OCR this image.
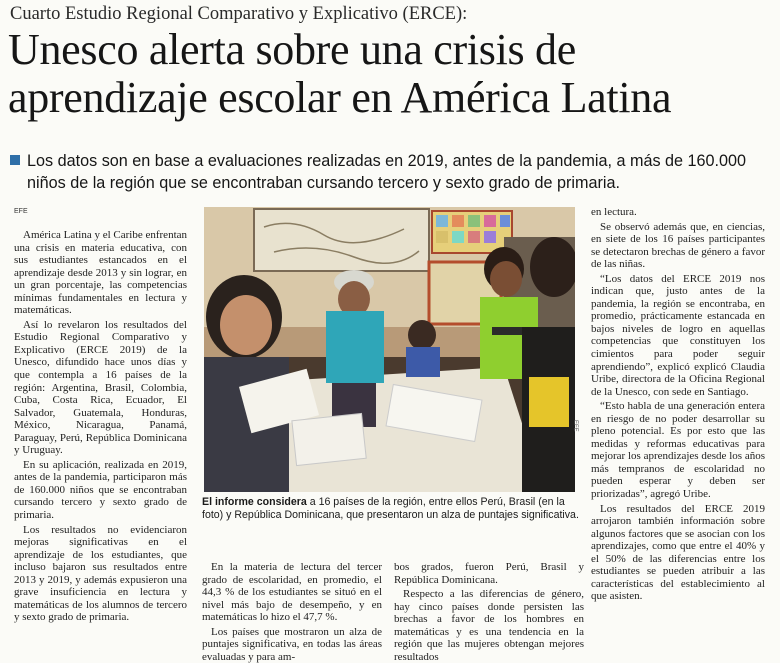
Cuarto Estudio Regional Comparativo y Explicativo (ERCE):
Unesco alerta sobre una crisis de
aprendizaje escolar en América Latina
Los datos son en base a evaluaciones realizadas en 2019, antes de la pandemia, a más de 160.000
niños de la región que se encontraban cursando tercero y sexto grado de primaria.
EFE

América Latina y el Caribe enfrentan una crisis en materia educativa, con sus estudiantes estancados en el aprendizaje desde 2013 y sin lograr, en un gran porcentaje, las competencias mínimas fundamentales en lectura y matemáticas.

Así lo revelaron los resultados del Estudio Regional Comparativo y Explicativo (ERCE 2019) de la Unesco, difundido hace unos días y que contempla a 16 países de la región: Argentina, Brasil, Colombia, Cuba, Costa Rica, Ecuador, El Salvador, Guatemala, Honduras, México, Nicaragua, Panamá, Paraguay, Perú, República Dominicana y Uruguay.

En su aplicación, realizada en 2019, antes de la pandemia, participaron más de 160.000 niños que se encontraban cursando tercero y sexto grado de primaria.

Los resultados no evidenciaron mejoras significativas en el aprendizaje de los estudiantes, que incluso bajaron sus resultados entre 2013 y 2019, y además expusieron una grave insuficiencia en lectura y matemáticas de los alumnos de tercero y sexto grado de primaria.

EFE
El informe considera a 16 países de la región, entre ellos Perú, Brasil (en la foto) y República Dominicana, que presentaron un alza de puntajes significativa.

En la materia de lectura del tercer grado de escolaridad, en promedio, el 44,3 % de los estudiantes se situó en el nivel más bajo de desempeño, y en matemáticas lo hizo el 47,7 %.

Los países que mostraron un alza de puntajes significativa, en todas las áreas evaluadas y para am-

bos grados, fueron Perú, Brasil y República Dominicana.

Respecto a las diferencias de género, hay cinco países donde persisten las brechas a favor de los hombres en matemáticas y es una tendencia en la región que las mujeres obtengan mejores resultados

en lectura.

Se observó además que, en ciencias, en siete de los 16 países participantes se detectaron brechas de género a favor de las niñas.

“Los datos del ERCE 2019 nos indican que, justo antes de la pandemia, la región se encontraba, en promedio, prácticamente estancada en bajos niveles de logro en aquellas competencias que constituyen los cimientos para poder seguir aprendiendo”, explicó explicó Claudia Uribe, directora de la Oficina Regional de la Unesco, con sede en Santiago.

“Esto habla de una generación entera en riesgo de no poder desarrollar su pleno potencial. Es por esto que las medidas y reformas educativas para mejorar los aprendizajes desde los años más tempranos de escolaridad no pueden esperar y deben ser priorizadas”, agregó Uribe.

Los resultados del ERCE 2019 arrojaron también información sobre algunos factores que se asocian con los aprendizajes, como que entre el 40% y el 50% de las diferencias entre los estudiantes se pueden atribuir a las características del establecimiento al que asisten.
